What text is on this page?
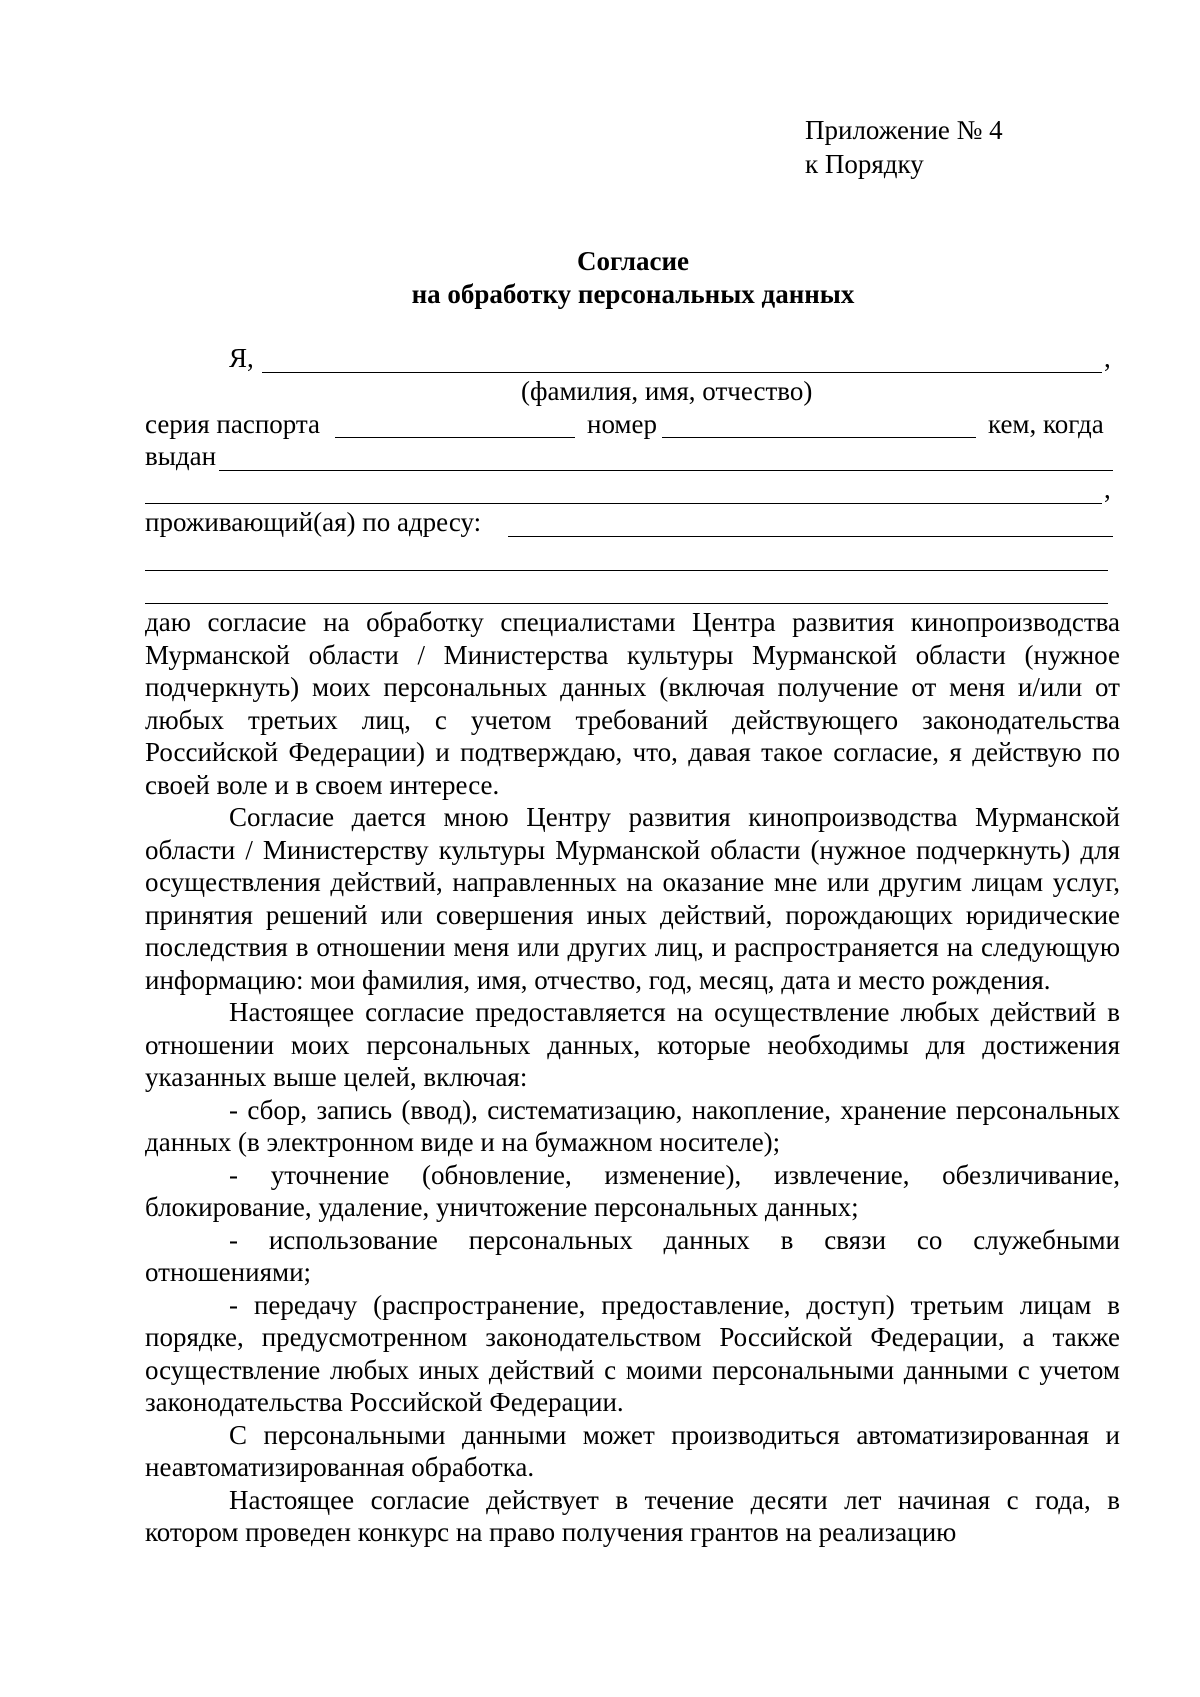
Приложение № 4
к Порядку
Согласие
на обработку персональных данных
Я,	,
(фамилия, имя, отчество)
серия паспорта	номер	кем, когда
выдан
,
проживающий(ая) по адресу:

даю согласие на обработку специалистами Центра развития кинопроизводства Мурманской области / Министерства культуры Мурманской области (нужное подчеркнуть) моих персональных данных (включая получение от меня и/или от любых третьих лиц, с учетом требований действующего законодательства Российской Федерации) и подтверждаю, что, давая такое согласие, я действую по своей воле и в своем интересе.

Согласие дается мною Центру развития кинопроизводства Мурманской области / Министерству культуры Мурманской области (нужное подчеркнуть) для осуществления действий, направленных на оказание мне или другим лицам услуг, принятия решений или совершения иных действий, порождающих юридические последствия в отношении меня или других лиц, и распространяется на следующую информацию: мои фамилия, имя, отчество, год, месяц, дата и место рождения.

Настоящее согласие предоставляется на осуществление любых действий в отношении моих персональных данных, которые необходимы для достижения указанных выше целей, включая:

- сбор, запись (ввод), систематизацию, накопление, хранение персональных данных (в электронном виде и на бумажном носителе);

- уточнение (обновление, изменение), извлечение, обезличивание, блокирование, удаление, уничтожение персональных данных;

- использование персональных данных в связи со служебными отношениями;

- передачу (распространение, предоставление, доступ) третьим лицам в порядке, предусмотренном законодательством Российской Федерации, а также осуществление любых иных действий с моими персональными данными с учетом законодательства Российской Федерации.

С персональными данными может производиться автоматизированная и неавтоматизированная обработка.

Настоящее согласие действует в течение десяти лет начиная с года, в котором проведен конкурс на право получения грантов на реализацию
